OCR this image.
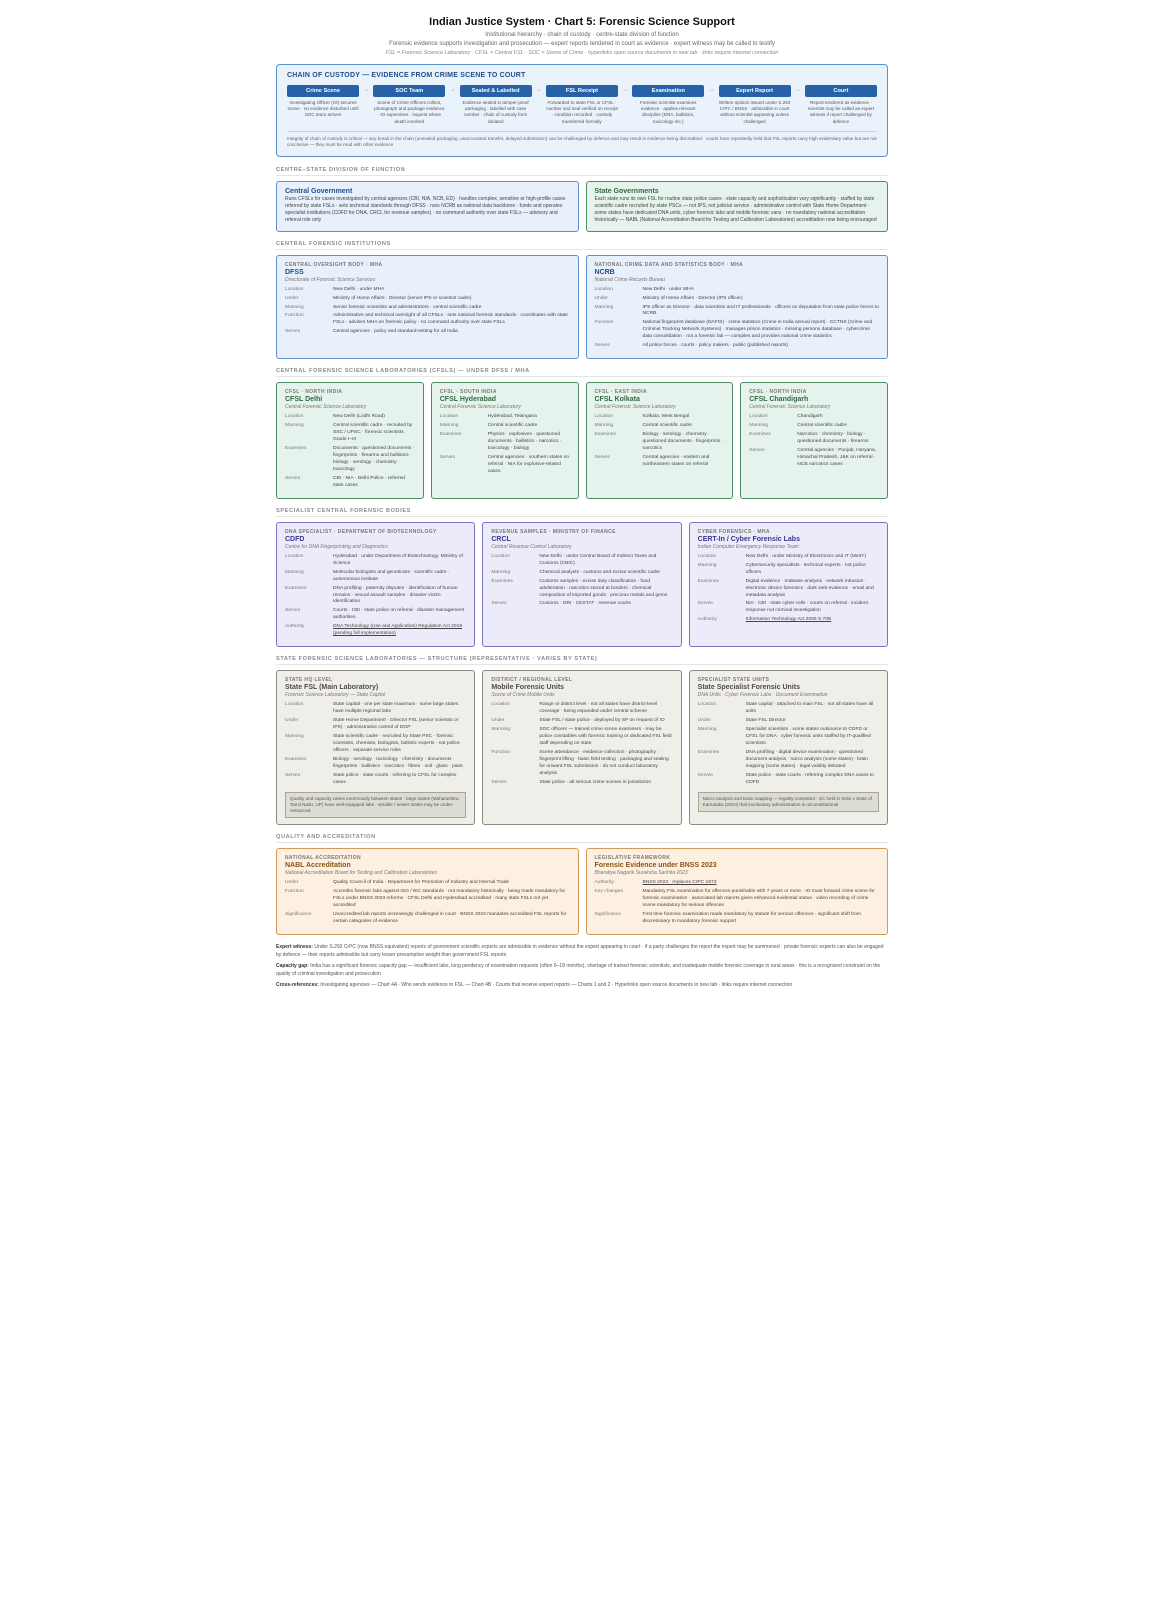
Indian Justice System · Chart 5: Forensic Science Support
Institutional hierarchy · chain of custody · centre-state division of function
Forensic evidence supports investigation and prosecution — expert reports tendered in court as evidence · expert witness may be called to testify
FSL = Forensic Science Laboratory · CFSL = Central FSL · SOC = Scene of Crime · hyperlinks open source documents in new tab · links require internet connection
CHAIN OF CUSTODY — EVIDENCE FROM CRIME SCENE TO COURT
Crime Scene
Investigating Officer (IO) secures scene · no evidence disturbed until SOC team arrives
→	SOC Team
Scene of Crime Officers collect, photograph and package evidence · IO supervises · inquest where death involved
→	Sealed & Labelled
Evidence sealed in tamper-proof packaging · labelled with case number · chain of custody form initiated
→	FSL Receipt
Forwarded to state FSL or CFSL · number and seal verified on receipt · condition recorded · custody transferred formally
→	Examination
Forensic scientist examines evidence · applies relevant discipline (DNA, ballistics, toxicology etc.)
→	Expert Report
Written opinion issued under S.293 CrPC / BNSS · admissible in court without scientist appearing unless challenged
→	Court
Report tendered as evidence · scientist may be called as expert witness if report challenged by defence
Integrity of chain of custody is critical — any break in the chain (unsealed packaging, unaccounted transfer, delayed submission) can be challenged by defence and may result in evidence being discredited · courts have repeatedly held that FSL reports carry high evidentiary value but are not conclusive — they must be read with other evidence
CENTRE–STATE DIVISION OF FUNCTION
Central Government
Runs CFSLs for cases investigated by central agencies (CBI, NIA, NCB, ED) · handles complex, sensitive or high-profile cases referred by state FSLs · sets technical standards through DFSS · runs NCRB as national data backbone · funds and operates specialist institutions (CDFD for DNA, CRCL for revenue samples) · no command authority over state FSLs — advisory and referral role only
State Governments
Each state runs its own FSL for routine state police cases · state capacity and sophistication vary significantly · staffed by state scientific cadre recruited by state PSCs — not IPS, not judicial service · administrative control with State Home Department · some states have dedicated DNA units, cyber forensic labs and mobile forensic vans · no mandatory national accreditation historically — NABL (National Accreditation Board for Testing and Calibration Laboratories) accreditation now being encouraged
CENTRAL FORENSIC INSTITUTIONS
CENTRAL OVERSIGHT BODY · MHA
DFSS
Directorate of Forensic Science Services
Location	New Delhi · under MHA
Under	Ministry of Home Affairs · Director (senior IPS or scientist cadre)
Manning	Senior forensic scientists and administrators · central scientific cadre
Function	Administrative and technical oversight of all CFSLs · sets national forensic standards · coordinates with state FSLs · advises MHA on forensic policy · no command authority over state FSLs
Serves	Central agencies · policy and standard-setting for all India
NATIONAL CRIME DATA AND STATISTICS BODY · MHA
NCRB
National Crime Records Bureau
Location	New Delhi · under MHA
Under	Ministry of Home Affairs · Director (IPS officer)
Manning	IPS officer as Director · data scientists and IT professionals · officers on deputation from state police forces to NCRB
Function	National fingerprint database (NAFIS) · crime statistics (Crime in India annual report) · CCTNS (Crime and Criminal Tracking Network Systems) · manages prison statistics · missing persons database · cybercrime data consolidation · not a forensic lab — compiles and provides national crime statistics
Serves	All police forces · courts · policy makers · public (published reports)
CENTRAL FORENSIC SCIENCE LABORATORIES (CFSLS) — UNDER DFSS / MHA
CFSL · NORTH INDIA
CFSL Delhi
Central Forensic Science Laboratory
Location	New Delhi (Lodhi Road)
Manning	Central scientific cadre · recruited by SSC / UPSC · forensic scientists Grade I–III
Examines	Documents · questioned documents · fingerprints · firearms and ballistics · biology · serology · chemistry · toxicology
Serves	CBI · NIA · Delhi Police · referred state cases
CFSL · SOUTH INDIA
CFSL Hyderabad
Central Forensic Science Laboratory
Location	Hyderabad, Telangana
Manning	Central scientific cadre
Examines	Physics · explosives · questioned documents · ballistics · narcotics · toxicology · biology
Serves	Central agencies · southern states on referral · NIA for explosive-related cases
CFSL · EAST INDIA
CFSL Kolkata
Central Forensic Science Laboratory
Location	Kolkata, West Bengal
Manning	Central scientific cadre
Examines	Biology · serology · chemistry · questioned documents · fingerprints · narcotics
Serves	Central agencies · eastern and northeastern states on referral
CFSL · NORTH INDIA
CFSL Chandigarh
Central Forensic Science Laboratory
Location	Chandigarh
Manning	Central scientific cadre
Examines	Narcotics · chemistry · biology · questioned documents · firearms
Serves	Central agencies · Punjab, Haryana, Himachal Pradesh, J&K on referral · NCB narcotics cases
SPECIALIST CENTRAL FORENSIC BODIES
DNA SPECIALIST · DEPARTMENT OF BIOTECHNOLOGY
CDFD
Centre for DNA Fingerprinting and Diagnostics
Location	Hyderabad · under Department of Biotechnology, Ministry of Science
Manning	Molecular biologists and geneticists · scientific cadre · autonomous institute
Examines	DNA profiling · paternity disputes · identification of human remains · sexual assault samples · disaster victim identification
Serves	Courts · CBI · state police on referral · disaster management authorities
Authority	DNA Technology (Use and Application) Regulation Act 2019 (pending full implementation)
REVENUE SAMPLES · MINISTRY OF FINANCE
CRCL
Central Revenue Control Laboratory
Location	New Delhi · under Central Board of Indirect Taxes and Customs (CBIC)
Manning	Chemical analysts · customs and excise scientific cadre
Examines	Customs samples · excise duty classification · food adulteration · narcotics seized at borders · chemical composition of imported goods · precious metals and gems
Serves	Customs · DRI · CESTAT · revenue courts
CYBER FORENSICS · MHA
CERT-In / Cyber Forensic Labs
Indian Computer Emergency Response Team
Location	New Delhi · under Ministry of Electronics and IT (MeitY)
Manning	Cybersecurity specialists · technical experts · not police officers
Examines	Digital evidence · malware analysis · network intrusion · electronic device forensics · dark web evidence · email and metadata analysis
Serves	NIA · CBI · state cyber cells · courts on referral · incident response not criminal investigation
Authority	Information Technology Act 2000 S.70B
STATE FORENSIC SCIENCE LABORATORIES — STRUCTURE (REPRESENTATIVE · VARIES BY STATE)
STATE HQ LEVEL
State FSL (Main Laboratory)
Forensic Science Laboratory — State Capital
Location	State capital · one per state maximum · some large states have multiple regional labs
Under	State Home Department · Director FSL (senior scientist or IPS) · administrative control of DGP
Manning	State scientific cadre · recruited by State PSC · forensic scientists, chemists, biologists, ballistic experts · not police officers · separate service rules
Examines	Biology · serology · toxicology · chemistry · documents · fingerprints · ballistics · narcotics · fibres · soil · glass · paint
Serves	State police · state courts · referring to CFSL for complex cases
Quality and capacity varies enormously between states · large states (Maharashtra, Tamil Nadu, UP) have well-equipped labs · smaller / newer states may be under-resourced
DISTRICT / REGIONAL LEVEL
Mobile Forensic Units
Scene of Crime Mobile Units
Location	Range or district level · not all states have district-level coverage · being expanded under central scheme
Under	State FSL / state police · deployed by SP on request of IO
Manning	SOC officers — trained crime scene examiners · may be police constables with forensic training or dedicated FSL field staff depending on state
Function	Scene attendance · evidence collection · photography · fingerprint lifting · basic field testing · packaging and sealing for onward FSL submission · do not conduct laboratory analysis
Serves	State police · all serious crime scenes in jurisdiction
SPECIALIST STATE UNITS
State Specialist Forensic Units
DNA Units · Cyber Forensic Labs · Document Examination
Location	State capital · attached to main FSL · not all states have all units
Under	State FSL Director
Manning	Specialist scientists · some states outsource to CDFD or CFSL for DNA · cyber forensic units staffed by IT-qualified scientists
Examines	DNA profiling · digital device examination · questioned document analysis · narco analysis (some states) · brain mapping (some states) · legal validity debated
Serves	State police · state courts · referring complex DNA cases to CDFD
Narco analysis and brain mapping — legality contested · SC held in Selvi v State of Karnataka (2010) that involuntary administration is unconstitutional
QUALITY AND ACCREDITATION
NATIONAL ACCREDITATION
NABL Accreditation
National Accreditation Board for Testing and Calibration Laboratories
Under	Quality Council of India · Department for Promotion of Industry and Internal Trade
Function	Accredits forensic labs against ISO / IEC standards · not mandatory historically · being made mandatory for FSLs under BNSS 2023 reforms · CFSL Delhi and Hyderabad accredited · many state FSLs not yet accredited
Significance	Unaccredited lab reports increasingly challenged in court · BNSS 2023 mandates accredited FSL reports for certain categories of evidence
LEGISLATIVE FRAMEWORK
Forensic Evidence under BNSS 2023
Bharatiya Nagarik Suraksha Sanhita 2023
Authority	BNSS 2023 · replaces CrPC 1973
Key changes	Mandatory FSL examination for offences punishable with 7 years or more · IO must forward crime scene for forensic examination · associated lab reports given enhanced evidential status · video recording of crime scene mandatory for serious offences
Significance	First time forensic examination made mandatory by statute for serious offences · significant shift from discretionary to mandatory forensic support
Expert witness: Under S.293 CrPC (now BNSS equivalent) reports of government scientific experts are admissible in evidence without the expert appearing in court · if a party challenges the report the expert may be summoned · private forensic experts can also be engaged by defence — their reports admissible but carry lesser presumptive weight than government FSL reports
Capacity gap: India has a significant forensic capacity gap — insufficient labs, long pendency of examination requests (often 6–18 months), shortage of trained forensic scientists, and inadequate mobile forensic coverage in rural areas · this is a recognised constraint on the quality of criminal investigation and prosecution
Cross-references: Investigating agencies — Chart 4A · Who sends evidence to FSL — Chart 4B · Courts that receive expert reports — Charts 1 and 2 · Hyperlinks open source documents in new tab · links require internet connection
